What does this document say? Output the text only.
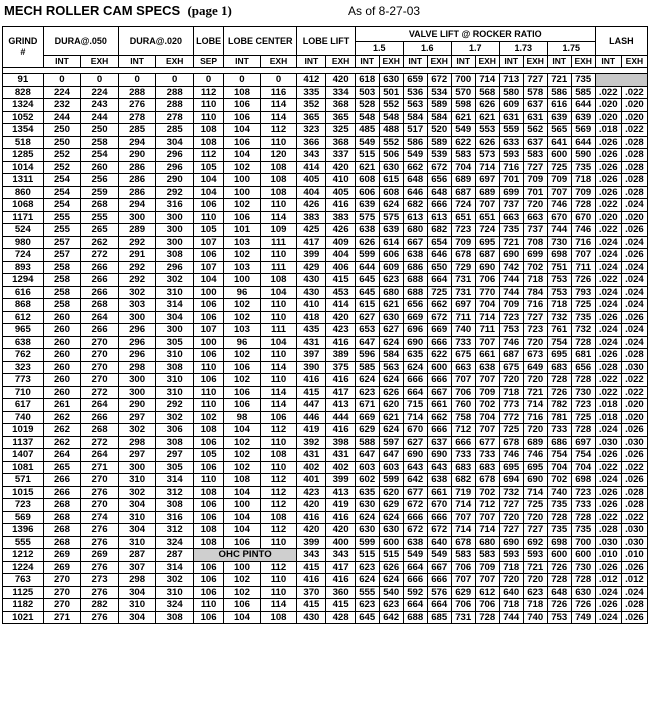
MECH ROLLER CAM SPECS (page 1)	As of 8-27-03
GRIND
#	DURA@.050		DURA@.020		LOBE	LOBE CENTER		LOBE LIFT		VALVE LIFT @ ROCKER RATIO										LASH	
										1.5		1.6		1.7		1.73		1.75			
	INT	EXH	INT	EXH	SEP	INT	EXH	INT	EXH	INT	EXH	INT	EXH	INT	EXH	INT	EXH	INT	EXH	INT	EXH

91	0	0	0	0	0	0	0	412	420	618	630	659	672	700	714	713	727	721	735		
828	224	224	288	288	112	108	116	335	334	503	501	536	534	570	568	580	578	586	585	.022	.022
1324	232	243	276	288	110	106	114	352	368	528	552	563	589	598	626	609	637	616	644	.020	.020
1052	244	244	278	278	110	106	114	365	365	548	548	584	584	621	621	631	631	639	639	.020	.020
1354	250	250	285	285	108	104	112	323	325	485	488	517	520	549	553	559	562	565	569	.018	.022
518	250	258	294	304	108	106	110	366	368	549	552	586	589	622	626	633	637	641	644	.026	.028
1285	252	254	290	296	112	104	120	343	337	515	506	549	539	583	573	593	583	600	590	.026	.028
1014	252	260	286	296	105	102	108	414	420	621	630	662	672	704	714	716	727	725	735	.026	.028
1311	254	256	286	290	104	100	108	405	410	608	615	648	656	689	697	701	709	709	718	.026	.028
860	254	259	286	292	104	100	108	404	405	606	608	646	648	687	689	699	701	707	709	.026	.028
1068	254	268	294	316	106	102	110	426	416	639	624	682	666	724	707	737	720	746	728	.022	.024
1171	255	255	300	300	110	106	114	383	383	575	575	613	613	651	651	663	663	670	670	.020	.020
524	255	265	289	300	105	101	109	425	426	638	639	680	682	723	724	735	737	744	746	.022	.026
980	257	262	292	300	107	103	111	417	409	626	614	667	654	709	695	721	708	730	716	.024	.024
724	257	272	291	308	106	102	110	399	404	599	606	638	646	678	687	690	699	698	707	.024	.026
893	258	266	292	296	107	103	111	429	406	644	609	686	650	729	690	742	702	751	711	.024	.024
1294	258	266	292	302	104	100	108	430	415	645	623	688	664	731	706	744	718	753	726	.022	.024
616	258	266	302	310	100	96	104	430	453	645	680	688	725	731	770	744	784	753	793	.024	.024
868	258	268	303	314	106	102	110	410	414	615	621	656	662	697	704	709	716	718	725	.024	.024
612	260	264	300	304	106	102	110	418	420	627	630	669	672	711	714	723	727	732	735	.026	.026
965	260	266	296	300	107	103	111	435	423	653	627	696	669	740	711	753	723	761	732	.024	.024
638	260	270	296	305	100	96	104	431	416	647	624	690	666	733	707	746	720	754	728	.024	.024
762	260	270	296	310	106	102	110	397	389	596	584	635	622	675	661	687	673	695	681	.026	.028
323	260	270	298	308	110	106	114	390	375	585	563	624	600	663	638	675	649	683	656	.028	.030
773	260	270	300	310	106	102	110	416	416	624	624	666	666	707	707	720	720	728	728	.022	.022
710	260	272	300	310	110	106	114	415	417	623	626	664	667	706	709	718	721	726	730	.022	.022
617	261	264	290	292	110	106	114	447	413	671	620	715	661	760	702	773	714	782	723	.018	.020
740	262	266	297	302	102	98	106	446	444	669	621	714	662	758	704	772	716	781	725	.018	.020
1019	262	268	302	306	108	104	112	419	416	629	624	670	666	712	707	725	720	733	728	.024	.026
1137	262	272	298	308	106	102	110	392	398	588	597	627	637	666	677	678	689	686	697	.030	.030
1407	264	264	297	297	105	102	108	431	431	647	647	690	690	733	733	746	746	754	754	.026	.026
1081	265	271	300	305	106	102	110	402	402	603	603	643	643	683	683	695	695	704	704	.022	.022
571	266	270	310	314	110	108	112	401	399	602	599	642	638	682	678	694	690	702	698	.024	.026
1015	266	276	302	312	108	104	112	423	413	635	620	677	661	719	702	732	714	740	723	.026	.028
723	268	270	304	308	106	100	112	420	419	630	629	672	670	714	712	727	725	735	733	.026	.028
569	268	274	310	316	106	104	108	416	416	624	624	666	666	707	707	720	720	728	728	.022	.022
1396	268	276	304	312	108	104	112	420	420	630	630	672	672	714	714	727	727	735	735	.028	.030
555	268	276	310	324	108	106	110	399	400	599	600	638	640	678	680	690	692	698	700	.030	.030
1212	269	269	287	287	OHC PINTO			343	343	515	515	549	549	583	583	593	593	600	600	.010	.010
1224	269	276	307	314	106	100	112	415	417	623	626	664	667	706	709	718	721	726	730	.026	.026
763	270	273	298	302	106	102	110	416	416	624	624	666	666	707	707	720	720	728	728	.012	.012
1125	270	276	304	310	106	102	110	370	360	555	540	592	576	629	612	640	623	648	630	.024	.024
1182	270	282	310	324	110	106	114	415	415	623	623	664	664	706	706	718	718	726	726	.026	.028
1021	271	276	304	308	106	104	108	430	428	645	642	688	685	731	728	744	740	753	749	.024	.026
